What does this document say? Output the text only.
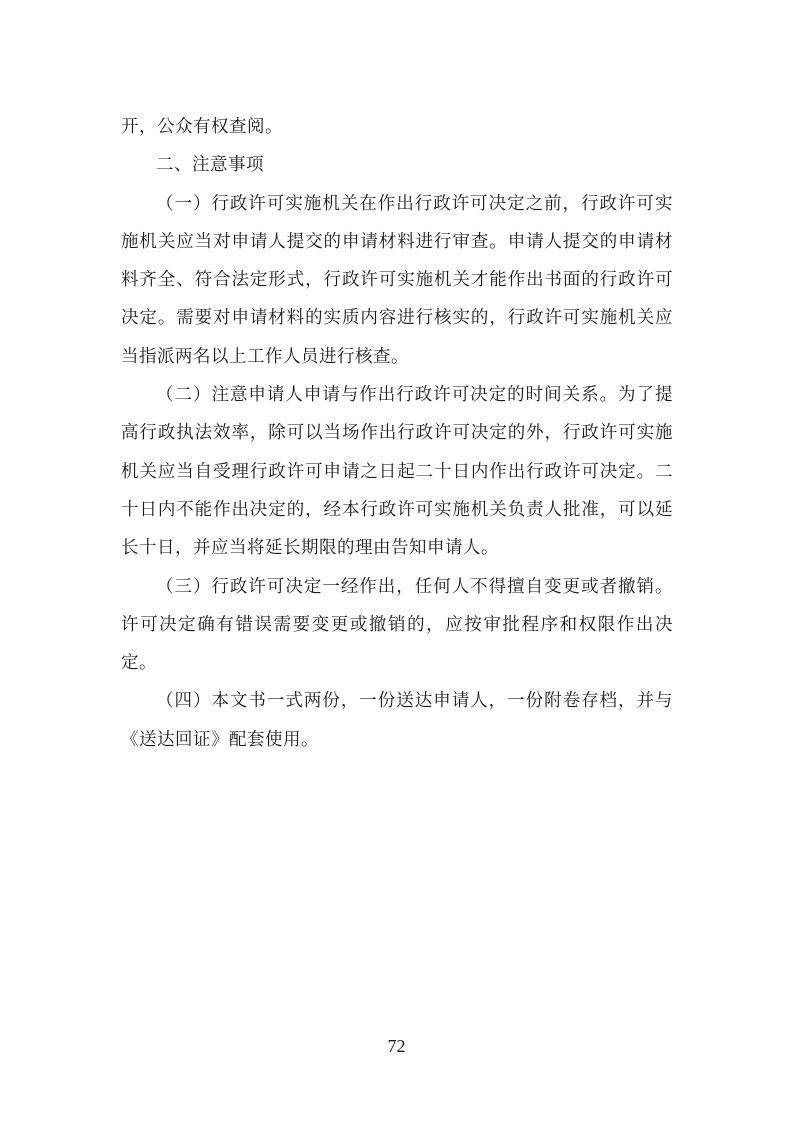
开，公众有权查阅。

二、注意事项

（一）行政许可实施机关在作出行政许可决定之前，行政许可实施机关应当对申请人提交的申请材料进行审查。申请人提交的申请材料齐全、符合法定形式，行政许可实施机关才能作出书面的行政许可决定。需要对申请材料的实质内容进行核实的，行政许可实施机关应当指派两名以上工作人员进行核查。

（二）注意申请人申请与作出行政许可决定的时间关系。为了提高行政执法效率，除可以当场作出行政许可决定的外，行政许可实施机关应当自受理行政许可申请之日起二十日内作出行政许可决定。二十日内不能作出决定的，经本行政许可实施机关负责人批准，可以延长十日，并应当将延长期限的理由告知申请人。

（三）行政许可决定一经作出，任何人不得擅自变更或者撤销。许可决定确有错误需要变更或撤销的，应按审批程序和权限作出决定。

（四）本文书一式两份，一份送达申请人，一份附卷存档，并与《送达回证》配套使用。

72
